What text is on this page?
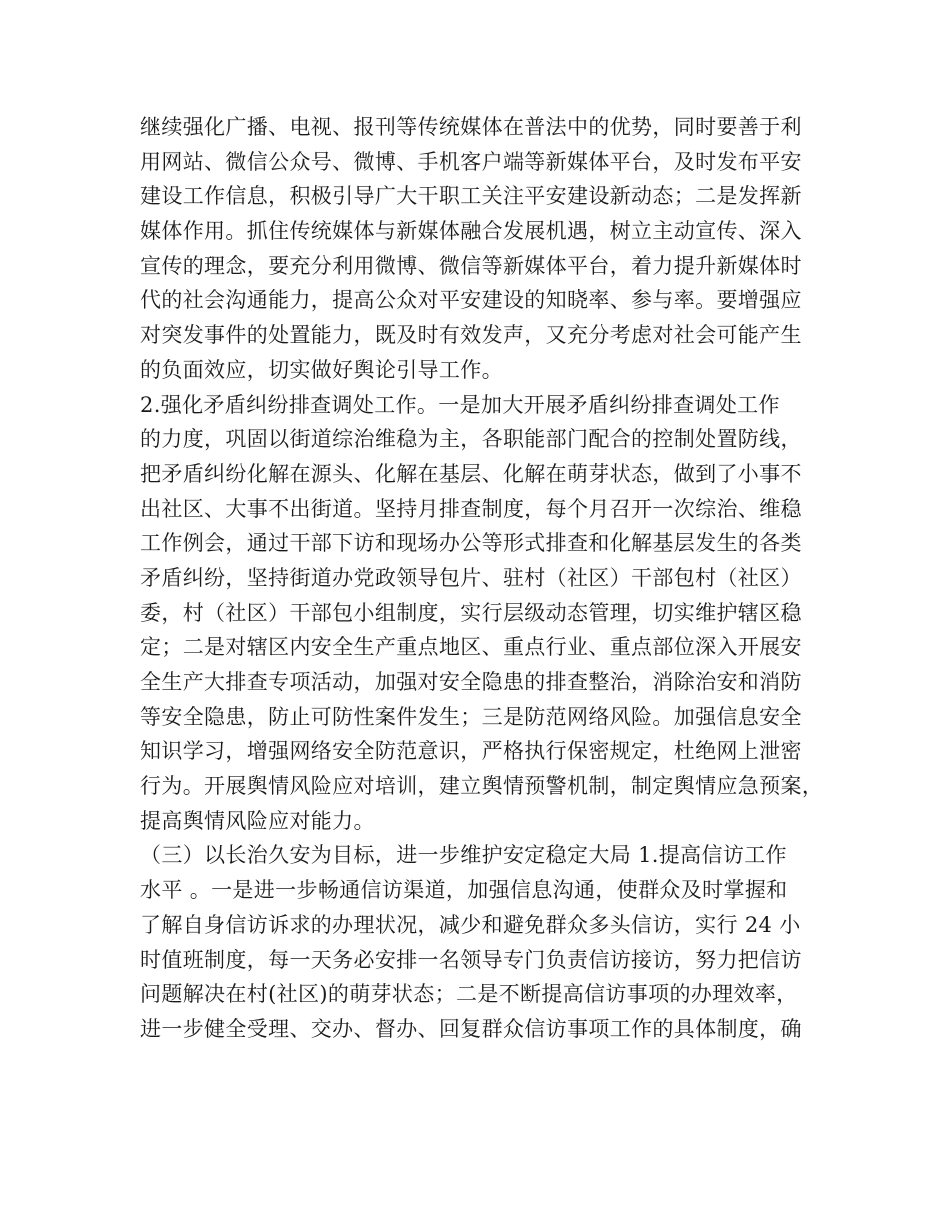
继续强化广播、电视、报刊等传统媒体在普法中的优势，同时要善于利
用网站、微信公众号、微博、手机客户端等新媒体平台，及时发布平安
建设工作信息，积极引导广大干职工关注平安建设新动态；二是发挥新
媒体作用。抓住传统媒体与新媒体融合发展机遇，树立主动宣传、深入
宣传的理念，要充分利用微博、微信等新媒体平台，着力提升新媒体时
代的社会沟通能力，提高公众对平安建设的知晓率、参与率。要增强应
对突发事件的处置能力，既及时有效发声，又充分考虑对社会可能产生
的负面效应，切实做好舆论引导工作。
2.强化矛盾纠纷排查调处工作。一是加大开展矛盾纠纷排查调处工作
的力度，巩固以街道综治维稳为主，各职能部门配合的控制处置防线，
把矛盾纠纷化解在源头、化解在基层、化解在萌芽状态，做到了小事不
出社区、大事不出街道。坚持月排查制度，每个月召开一次综治、维稳
工作例会，通过干部下访和现场办公等形式排查和化解基层发生的各类
矛盾纠纷，坚持街道办党政领导包片、驻村（社区）干部包村（社区）
委，村（社区）干部包小组制度，实行层级动态管理，切实维护辖区稳
定；二是对辖区内安全生产重点地区、重点行业、重点部位深入开展安
全生产大排查专项活动，加强对安全隐患的排查整治，消除治安和消防
等安全隐患，防止可防性案件发生；三是防范网络风险。加强信息安全
知识学习，增强网络安全防范意识，严格执行保密规定，杜绝网上泄密
行为。开展舆情风险应对培训，建立舆情预警机制，制定舆情应急预案，
提高舆情风险应对能力。
（三）以长治久安为目标，进一步维护安定稳定大局 1.提高信访工作
水平 。一是进一步畅通信访渠道，加强信息沟通，使群众及时掌握和
了解自身信访诉求的办理状况，减少和避免群众多头信访，实行 24 小
时值班制度，每一天务必安排一名领导专门负责信访接访，努力把信访
问题解决在村(社区)的萌芽状态；二是不断提高信访事项的办理效率，
进一步健全受理、交办、督办、回复群众信访事项工作的具体制度，确
